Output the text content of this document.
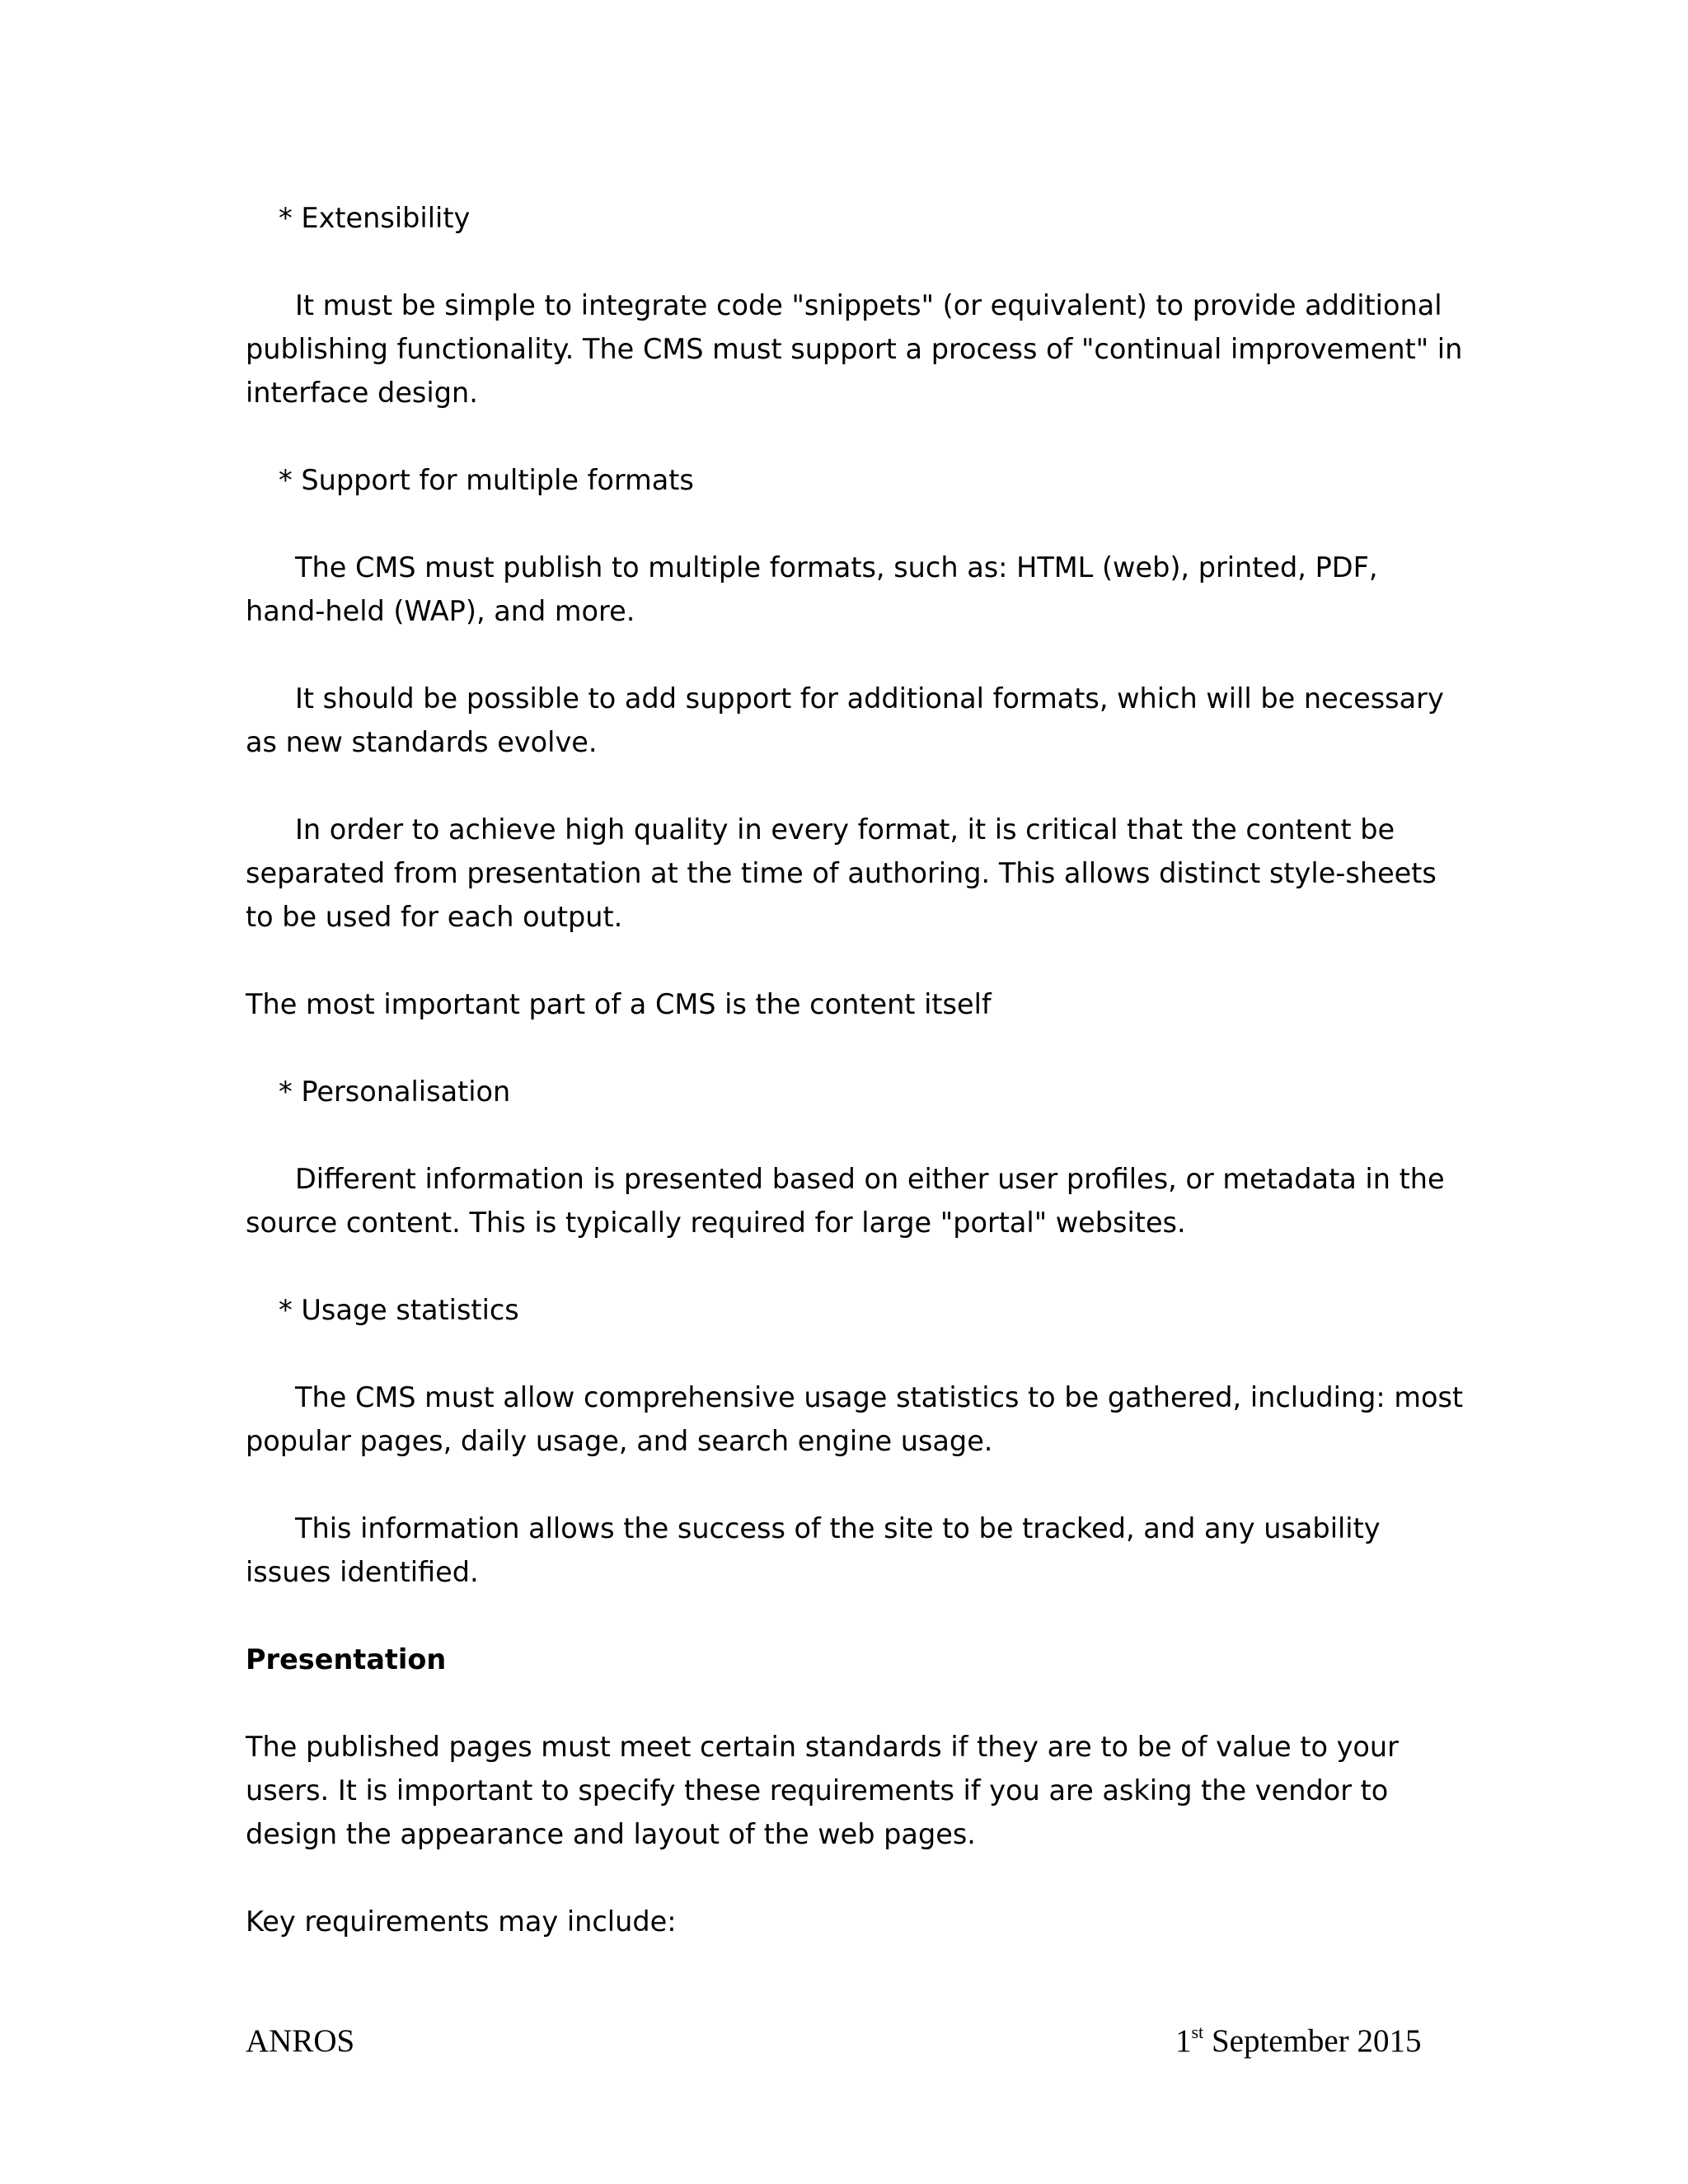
* Extensibility
It must be simple to integrate code "snippets" (or equivalent) to provide additional publishing functionality. The CMS must support a process of "continual improvement" in interface design.
* Support for multiple formats
The CMS must publish to multiple formats, such as: HTML (web), printed, PDF, hand-held (WAP), and more.
It should be possible to add support for additional formats, which will be necessary as new standards evolve.
In order to achieve high quality in every format, it is critical that the content be separated from presentation at the time of authoring. This allows distinct style-sheets to be used for each output.
The most important part of a CMS is the content itself
* Personalisation
Different information is presented based on either user profiles, or metadata in the source content. This is typically required for large "portal" websites.
* Usage statistics
The CMS must allow comprehensive usage statistics to be gathered, including: most popular pages, daily usage, and search engine usage.
This information allows the success of the site to be tracked, and any usability issues identified.
Presentation
The published pages must meet certain standards if they are to be of value to your users. It is important to specify these requirements if you are asking the vendor to design the appearance and layout of the web pages.
Key requirements may include:
ANROS	1st September 2015
